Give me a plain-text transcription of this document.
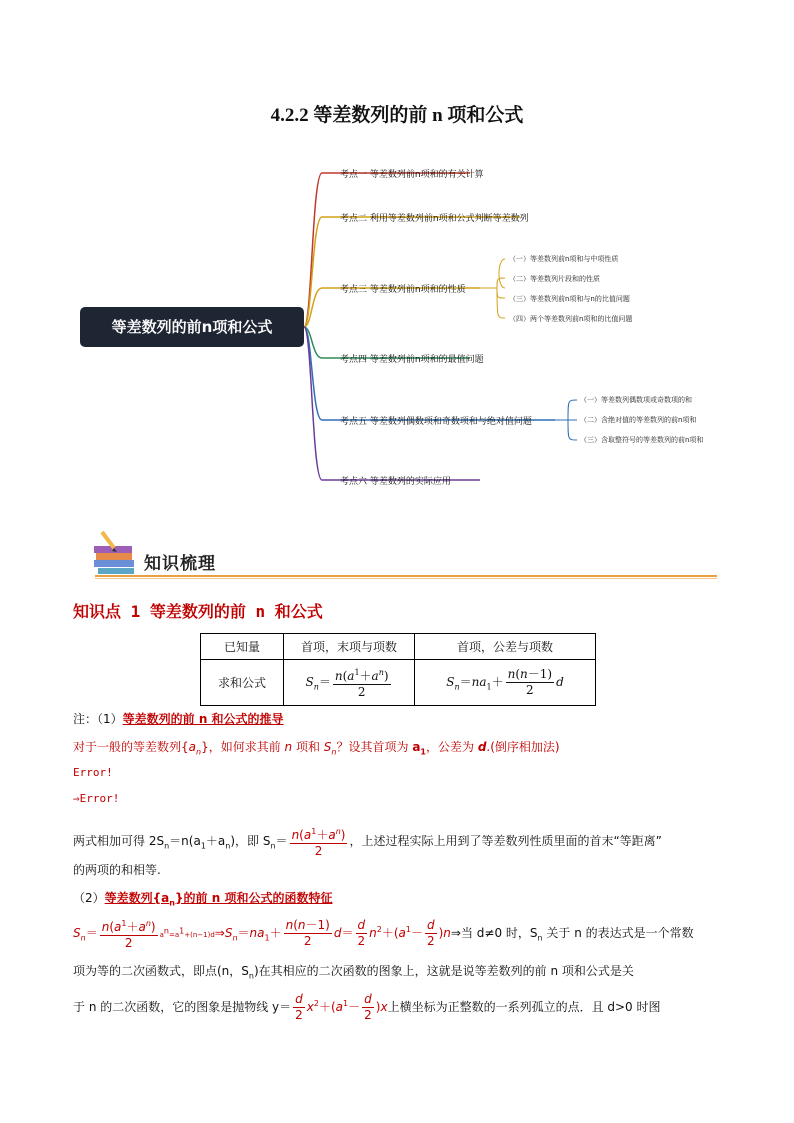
4.2.2 等差数列的前 n 项和公式
等差数列的前n项和公式
考点一 等差数列前n项和的有关计算
考点二 利用等差数列前n项和公式判断等差数列
考点三 等差数列前n项和的性质
（一）等差数列前n项和与中项性质
（二）等差数列片段和的性质
（三）等差数列前n项和与n的比值问题
（四）两个等差数列前n项和的比值问题
考点四 等差数列前n项和的最值问题
考点五 等差数列偶数项和奇数项和与绝对值问题
（一）等差数列偶数项或奇数项的和
（二）含绝对值的等差数列的前n项和
（三）含取整符号的等差数列的前n项和
考点六 等差数列的实际应用
知识梳理
知识点 1 等差数列的前 n 和公式
已知量	首项，末项与项数	首项，公差与项数
求和公式	$S_n= \frac{n(a^1+a^n)}{2}$	$S_n=na_1+ \frac{n(n-1)}{2}$ d
注：（1）等差数列的前 n 和公式的推导
对于一般的等差数列$\{a_n\}$，如何求其前 n 项和 $S_n$？设其首项为 $a_1$，公差为 d.(倒序相加法)
Error!
⇒Error!
两式相加可得 $2S_n=n(a_1+a_n)$，即 $S_n= \frac{n(a^1+a^n)}{2}$ ，上述过程实际上用到了等差数列性质里面的首末“等距离”
的两项的和相等.
（2）等差数列$\{a_n\}$的前 n 项和公式的函数特征
$S_n= \frac{n(a^1+a^n)}{2}$ $a^n=a^1+(n-1)d\Rightarrow S_n=na_1+ \frac{n(n-1)}{2} d= \frac{d}{2} n^2+(a^1- \frac{d}{2}$ )n⇒当 d≠0 时，$S_n$ 关于 n 的表达式是一个常数
项为等的二次函数式，即点(n，$S_n$)在其相应的二次函数的图象上，这就是说等差数列的前 n 项和公式是关
于 n 的二次函数，它的图象是抛物线 $y= \frac{d}{2} x^2+(a^1- \frac{d}{2} )x$上横坐标为正整数的一系列孤立的点．且 d>0 时图
